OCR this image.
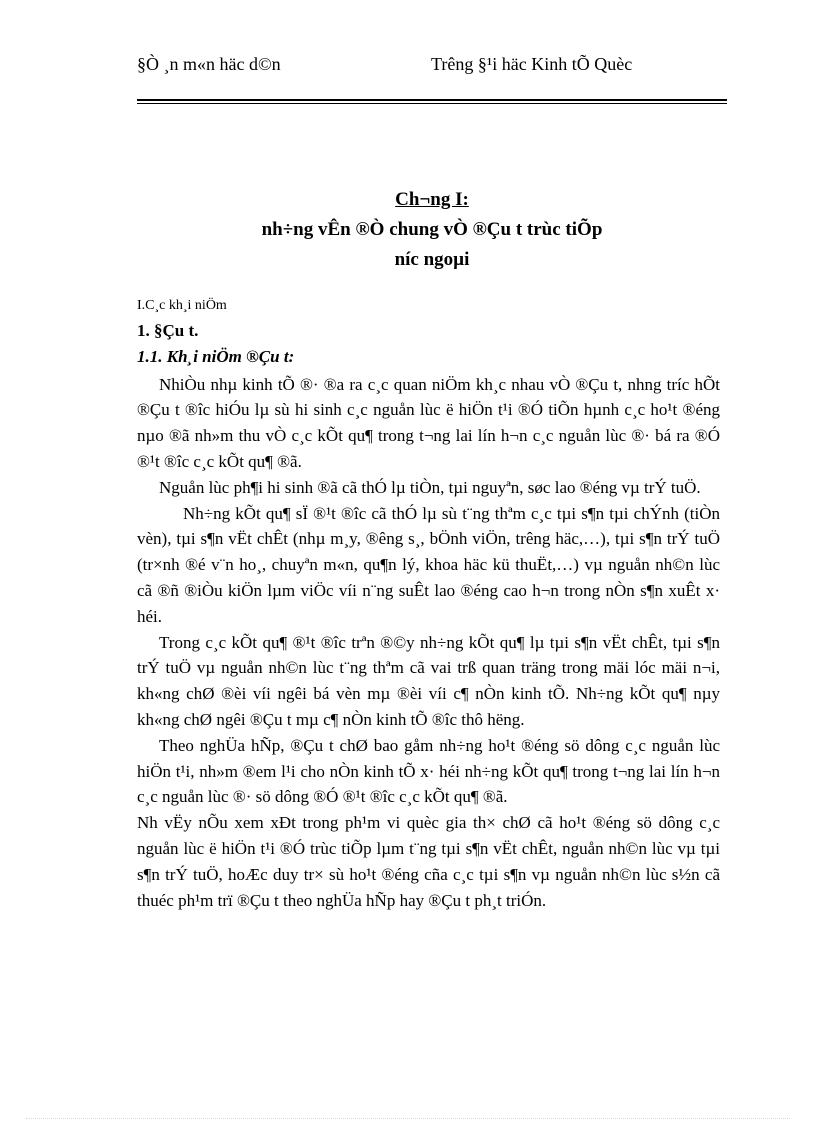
§Ò ¸n m«n häc d©n	Trêng §¹i häc Kinh tÕ Quèc
Ch¬ng I:
nh÷ng vÊn ®Ò chung vÒ ®Çu t trùc tiÕp
níc ngoµi
I.C¸c kh¸i niÖm
1. §Çu t.
1.1. Kh¸i niÖm ®Çu t:

NhiÒu nhµ kinh tÕ ®· ®a ra c¸c quan niÖm kh¸c nhau vÒ ®Çu t, nhng tríc hÕt ®Çu t ®îc hiÓu lµ sù hi sinh c¸c nguån lùc ë hiÖn t¹i ®Ó tiÕn hµnh c¸c ho¹t ®éng nµo ®ã nh»m thu vÒ c¸c kÕt qu¶ trong t¬ng lai lín h¬n c¸c nguån lùc ®· bá ra ®Ó ®¹t ®îc c¸c kÕt qu¶ ®ã.

Nguån lùc ph¶i hi sinh ®ã cã thÓ lµ tiÒn, tµi nguyªn, søc lao ®éng vµ trÝ tuÖ.

Nh÷ng kÕt qu¶ sÏ ®¹t ®îc cã thÓ lµ sù t¨ng thªm c¸c tµi s¶n tµi chÝnh (tiÒn vèn), tµi s¶n vËt chÊt (nhµ m¸y, ®êng s¸, bÖnh viÖn, trêng häc,…), tµi s¶n trÝ tuÖ (tr×nh ®é v¨n ho¸, chuyªn m«n, qu¶n lý, khoa häc kü thuËt,…) vµ nguån nh©n lùc cã ®ñ ®iÒu kiÖn lµm viÖc víi n¨ng suÊt lao ®éng cao h¬n trong nÒn s¶n xuÊt x· héi.

Trong c¸c kÕt qu¶ ®¹t ®îc trªn ®©y nh÷ng kÕt qu¶ lµ tµi s¶n vËt chÊt, tµi s¶n trÝ tuÖ vµ nguån nh©n lùc t¨ng thªm cã vai trß quan träng trong mäi lóc mäi n¬i, kh«ng chØ ®èi víi ngêi bá vèn mµ ®èi víi c¶ nÒn kinh tÕ. Nh÷ng kÕt qu¶ nµy kh«ng chØ ngêi ®Çu t mµ c¶ nÒn kinh tÕ ®îc thô hëng.

Theo nghÜa hÑp, ®Çu t chØ bao gåm nh÷ng ho¹t ®éng sö dông c¸c nguån lùc hiÖn t¹i, nh»m ®em l¹i cho nÒn kinh tÕ x· héi nh÷ng kÕt qu¶ trong t¬ng lai lín h¬n c¸c nguån lùc ®· sö dông ®Ó ®¹t ®îc c¸c kÕt qu¶ ®ã.

Nh vËy nÕu xem xÐt trong ph¹m vi quèc gia th× chØ cã ho¹t ®éng sö dông c¸c nguån lùc ë hiÖn t¹i ®Ó trùc tiÕp lµm t¨ng tµi s¶n vËt chÊt, nguån nh©n lùc vµ tµi s¶n trÝ tuÖ, hoÆc duy tr× sù ho¹t ®éng cña c¸c tµi s¶n vµ nguån nh©n lùc s½n cã thuéc ph¹m trï ®Çu t theo nghÜa hÑp hay ®Çu t ph¸t triÓn.
